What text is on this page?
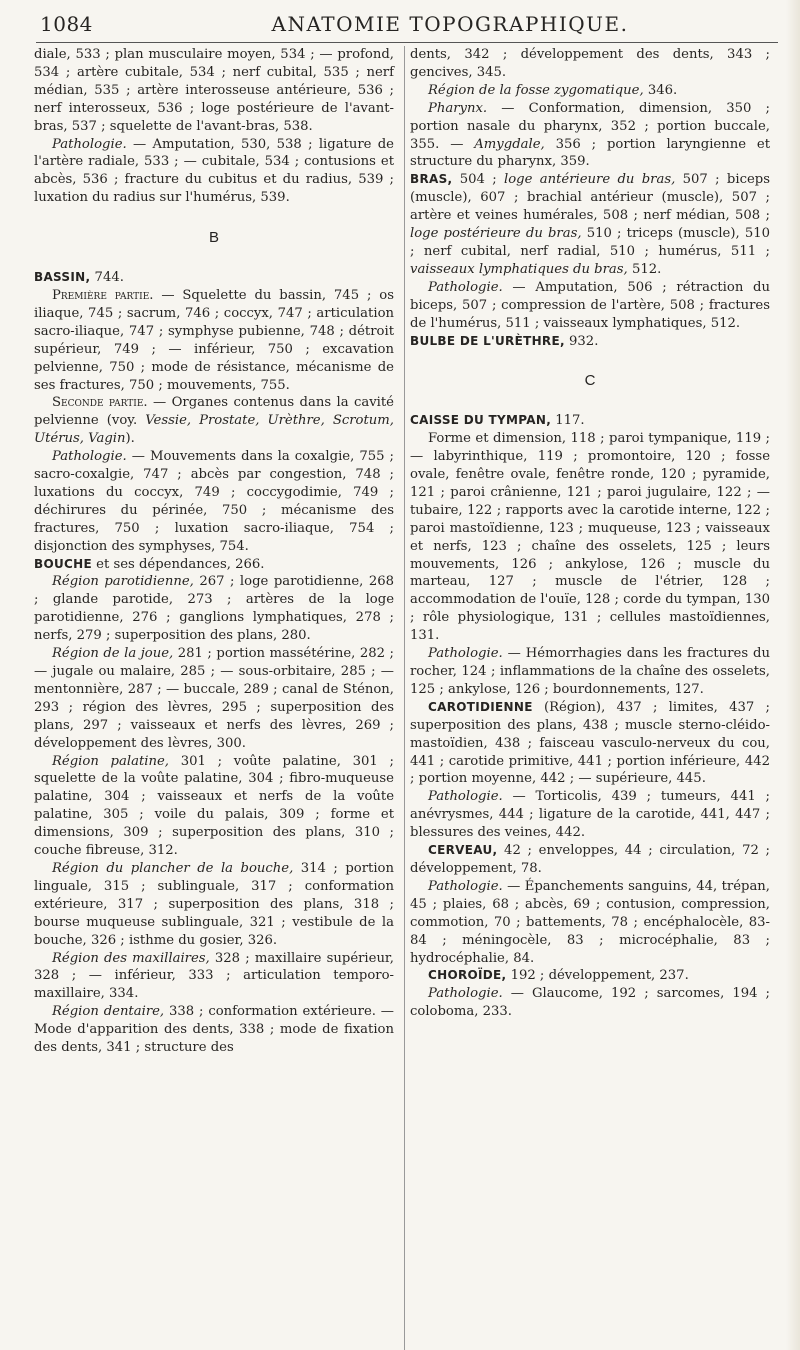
1084	ANATOMIE TOPOGRAPHIQUE.

diale, 533 ; plan musculaire moyen, 534 ; — profond, 534 ; artère cubitale, 534 ; nerf cubital, 535 ; nerf médian, 535 ; artère interosseuse antérieure, 536 ; nerf interosseux, 536 ; loge postérieure de l'avant-bras, 537 ; squelette de l'avant-bras, 538.

Pathologie. — Amputation, 530, 538 ; ligature de l'artère radiale, 533 ; — cubitale, 534 ; contusions et abcès, 536 ; fracture du cubitus et du radius, 539 ; luxation du radius sur l'humérus, 539.

B

BASSIN, 744.

Première partie. — Squelette du bassin, 745 ; os iliaque, 745 ; sacrum, 746 ; coccyx, 747 ; articulation sacro-iliaque, 747 ; symphyse pubienne, 748 ; détroit supérieur, 749 ; — inférieur, 750 ; excavation pelvienne, 750 ; mode de résistance, mécanisme de ses fractures, 750 ; mouvements, 755.

Seconde partie. — Organes contenus dans la cavité pelvienne (voy. Vessie, Prostate, Urèthre, Scrotum, Utérus, Vagin).

Pathologie. — Mouvements dans la coxalgie, 755 ; sacro-coxalgie, 747 ; abcès par congestion, 748 ; luxations du coccyx, 749 ; coccygodimie, 749 ; déchirures du périnée, 750 ; mécanisme des fractures, 750 ; luxation sacro-iliaque, 754 ; disjonction des symphyses, 754.

BOUCHE et ses dépendances, 266.

Région parotidienne, 267 ; loge parotidienne, 268 ; glande parotide, 273 ; artères de la loge parotidienne, 276 ; ganglions lymphatiques, 278 ; nerfs, 279 ; superposition des plans, 280.

Région de la joue, 281 ; portion massétérine, 282 ; — jugale ou malaire, 285 ; — sous-orbitaire, 285 ; — mentonnière, 287 ; — buccale, 289 ; canal de Sténon, 293 ; région des lèvres, 295 ; superposition des plans, 297 ; vaisseaux et nerfs des lèvres, 269 ; développement des lèvres, 300.

Région palatine, 301 ; voûte palatine, 301 ; squelette de la voûte palatine, 304 ; fibro-muqueuse palatine, 304 ; vaisseaux et nerfs de la voûte palatine, 305 ; voile du palais, 309 ; forme et dimensions, 309 ; superposition des plans, 310 ; couche fibreuse, 312.

Région du plancher de la bouche, 314 ; portion linguale, 315 ; sublinguale, 317 ; conformation extérieure, 317 ; superposition des plans, 318 ; bourse muqueuse sublinguale, 321 ; vestibule de la bouche, 326 ; isthme du gosier, 326.

Région des maxillaires, 328 ; maxillaire supérieur, 328 ; — inférieur, 333 ; articulation temporo-maxillaire, 334.

Région dentaire, 338 ; conformation extérieure. — Mode d'apparition des dents, 338 ; mode de fixation des dents, 341 ; structure des

dents, 342 ; développement des dents, 343 ; gencives, 345.

Région de la fosse zygomatique, 346.

Pharynx. — Conformation, dimension, 350 ; portion nasale du pharynx, 352 ; portion buccale, 355. — Amygdale, 356 ; portion laryngienne et structure du pharynx, 359.

BRAS, 504 ; loge antérieure du bras, 507 ; biceps (muscle), 607 ; brachial antérieur (muscle), 507 ; artère et veines humérales, 508 ; nerf médian, 508 ; loge postérieure du bras, 510 ; triceps (muscle), 510 ; nerf cubital, nerf radial, 510 ; humérus, 511 ; vaisseaux lymphatiques du bras, 512.

Pathologie. — Amputation, 506 ; rétraction du biceps, 507 ; compression de l'artère, 508 ; fractures de l'humérus, 511 ; vaisseaux lymphatiques, 512.

BULBE DE L'URÈTHRE, 932.

C

CAISSE DU TYMPAN, 117.

Forme et dimension, 118 ; paroi tympanique, 119 ; — labyrinthique, 119 ; promontoire, 120 ; fosse ovale, fenêtre ovale, fenêtre ronde, 120 ; pyramide, 121 ; paroi crânienne, 121 ; paroi jugulaire, 122 ; — tubaire, 122 ; rapports avec la carotide interne, 122 ; paroi mastoïdienne, 123 ; muqueuse, 123 ; vaisseaux et nerfs, 123 ; chaîne des osselets, 125 ; leurs mouvements, 126 ; ankylose, 126 ; muscle du marteau, 127 ; muscle de l'étrier, 128 ; accommodation de l'ouïe, 128 ; corde du tympan, 130 ; rôle physiologique, 131 ; cellules mastoïdiennes, 131.

Pathologie. — Hémorrhagies dans les fractures du rocher, 124 ; inflammations de la chaîne des osselets, 125 ; ankylose, 126 ; bourdonnements, 127.

CAROTIDIENNE (Région), 437 ; limites, 437 ; superposition des plans, 438 ; muscle sterno-cléido-mastoïdien, 438 ; faisceau vasculo-nerveux du cou, 441 ; carotide primitive, 441 ; portion inférieure, 442 ; portion moyenne, 442 ; — supérieure, 445.

Pathologie. — Torticolis, 439 ; tumeurs, 441 ; anévrysmes, 444 ; ligature de la carotide, 441, 447 ; blessures des veines, 442.

CERVEAU, 42 ; enveloppes, 44 ; circulation, 72 ; développement, 78.

Pathologie. — Épanchements sanguins, 44, trépan, 45 ; plaies, 68 ; abcès, 69 ; contusion, compression, commotion, 70 ; battements, 78 ; encéphalocèle, 83-84 ; méningocèle, 83 ; microcéphalie, 83 ; hydrocéphalie, 84.

CHOROÏDE, 192 ; développement, 237.

Pathologie. — Glaucome, 192 ; sarcomes, 194 ; coloboma, 233.
